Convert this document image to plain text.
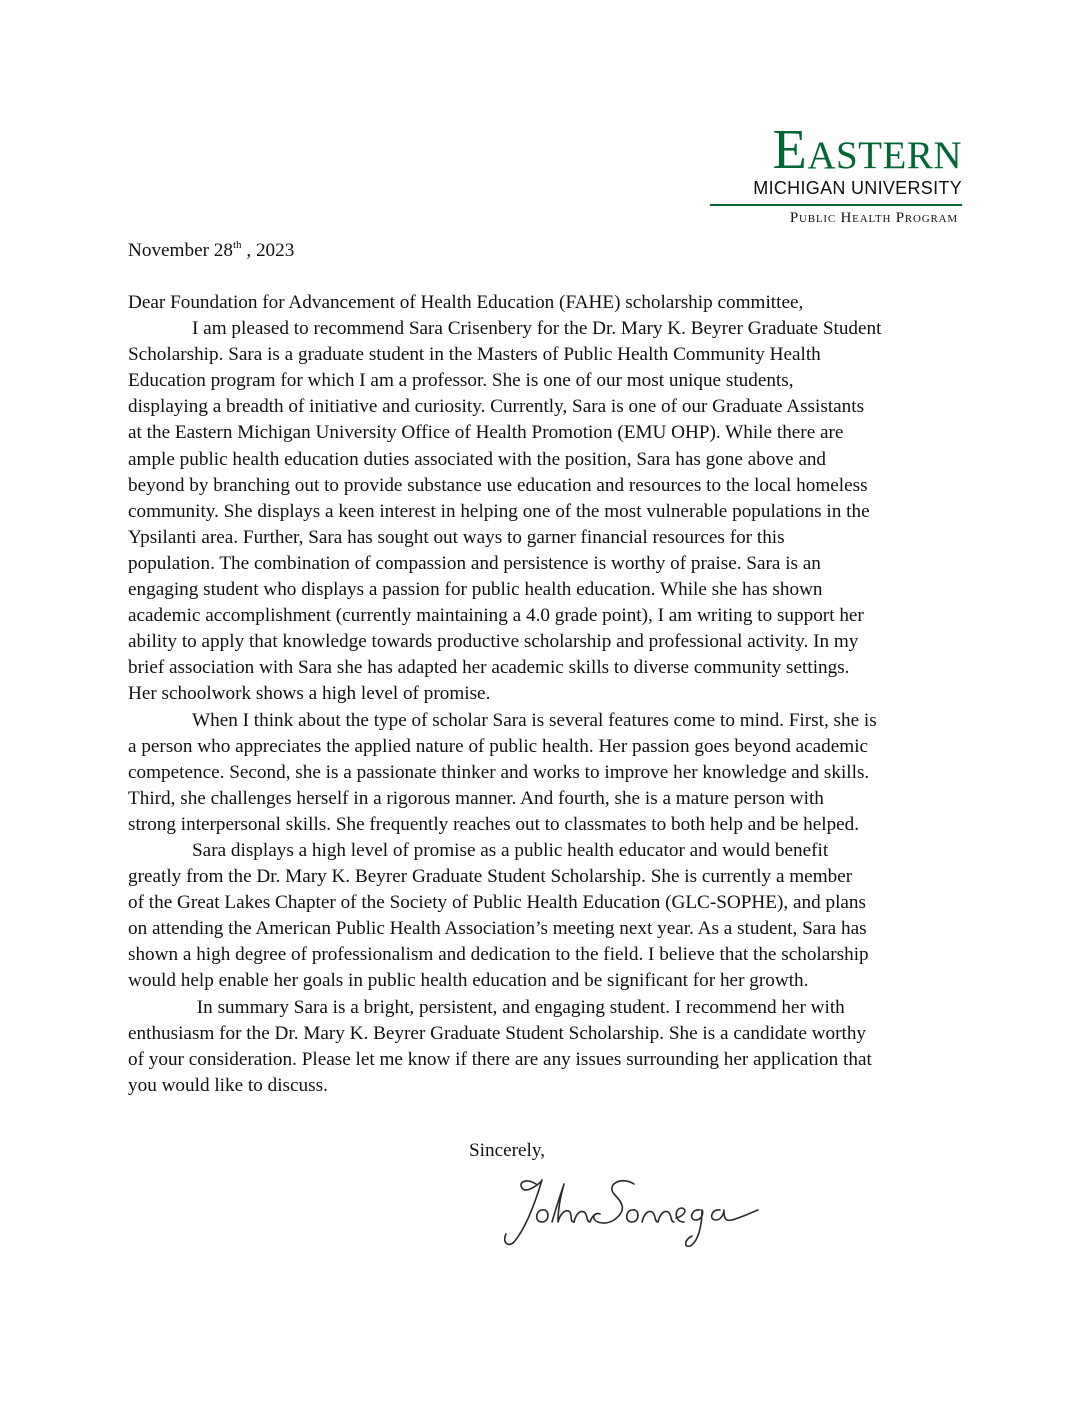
Eastern
MICHIGAN UNIVERSITY
Public Health Program

November 28th , 2023

Dear Foundation for Advancement of Health Education (FAHE) scholarship committee,

I am pleased to recommend Sara Crisenbery for the Dr. Mary K. Beyrer Graduate Student
Scholarship. Sara is a graduate student in the Masters of Public Health Community Health
Education program for which I am a professor. She is one of our most unique students,
displaying a breadth of initiative and curiosity. Currently, Sara is one of our Graduate Assistants
at the Eastern Michigan University Office of Health Promotion (EMU OHP). While there are
ample public health education duties associated with the position, Sara has gone above and
beyond by branching out to provide substance use education and resources to the local homeless
community. She displays a keen interest in helping one of the most vulnerable populations in the
Ypsilanti area. Further, Sara has sought out ways to garner financial resources for this
population. The combination of compassion and persistence is worthy of praise. Sara is an
engaging student who displays a passion for public health education. While she has shown
academic accomplishment (currently maintaining a 4.0 grade point), I am writing to support her
ability to apply that knowledge towards productive scholarship and professional activity. In my
brief association with Sara she has adapted her academic skills to diverse community settings.
Her schoolwork shows a high level of promise.

When I think about the type of scholar Sara is several features come to mind. First, she is
a person who appreciates the applied nature of public health. Her passion goes beyond academic
competence. Second, she is a passionate thinker and works to improve her knowledge and skills.
Third, she challenges herself in a rigorous manner. And fourth, she is a mature person with
strong interpersonal skills. She frequently reaches out to classmates to both help and be helped.

Sara displays a high level of promise as a public health educator and would benefit
greatly from the Dr. Mary K. Beyrer Graduate Student Scholarship. She is currently a member
of the Great Lakes Chapter of the Society of Public Health Education (GLC-SOPHE), and plans
on attending the American Public Health Association’s meeting next year. As a student, Sara has
shown a high degree of professionalism and dedication to the field. I believe that the scholarship
would help enable her goals in public health education and be significant for her growth.

In summary Sara is a bright, persistent, and engaging student. I recommend her with
enthusiasm for the Dr. Mary K. Beyrer Graduate Student Scholarship. She is a candidate worthy
of your consideration. Please let me know if there are any issues surrounding her application that
you would like to discuss.

Sincerely,
